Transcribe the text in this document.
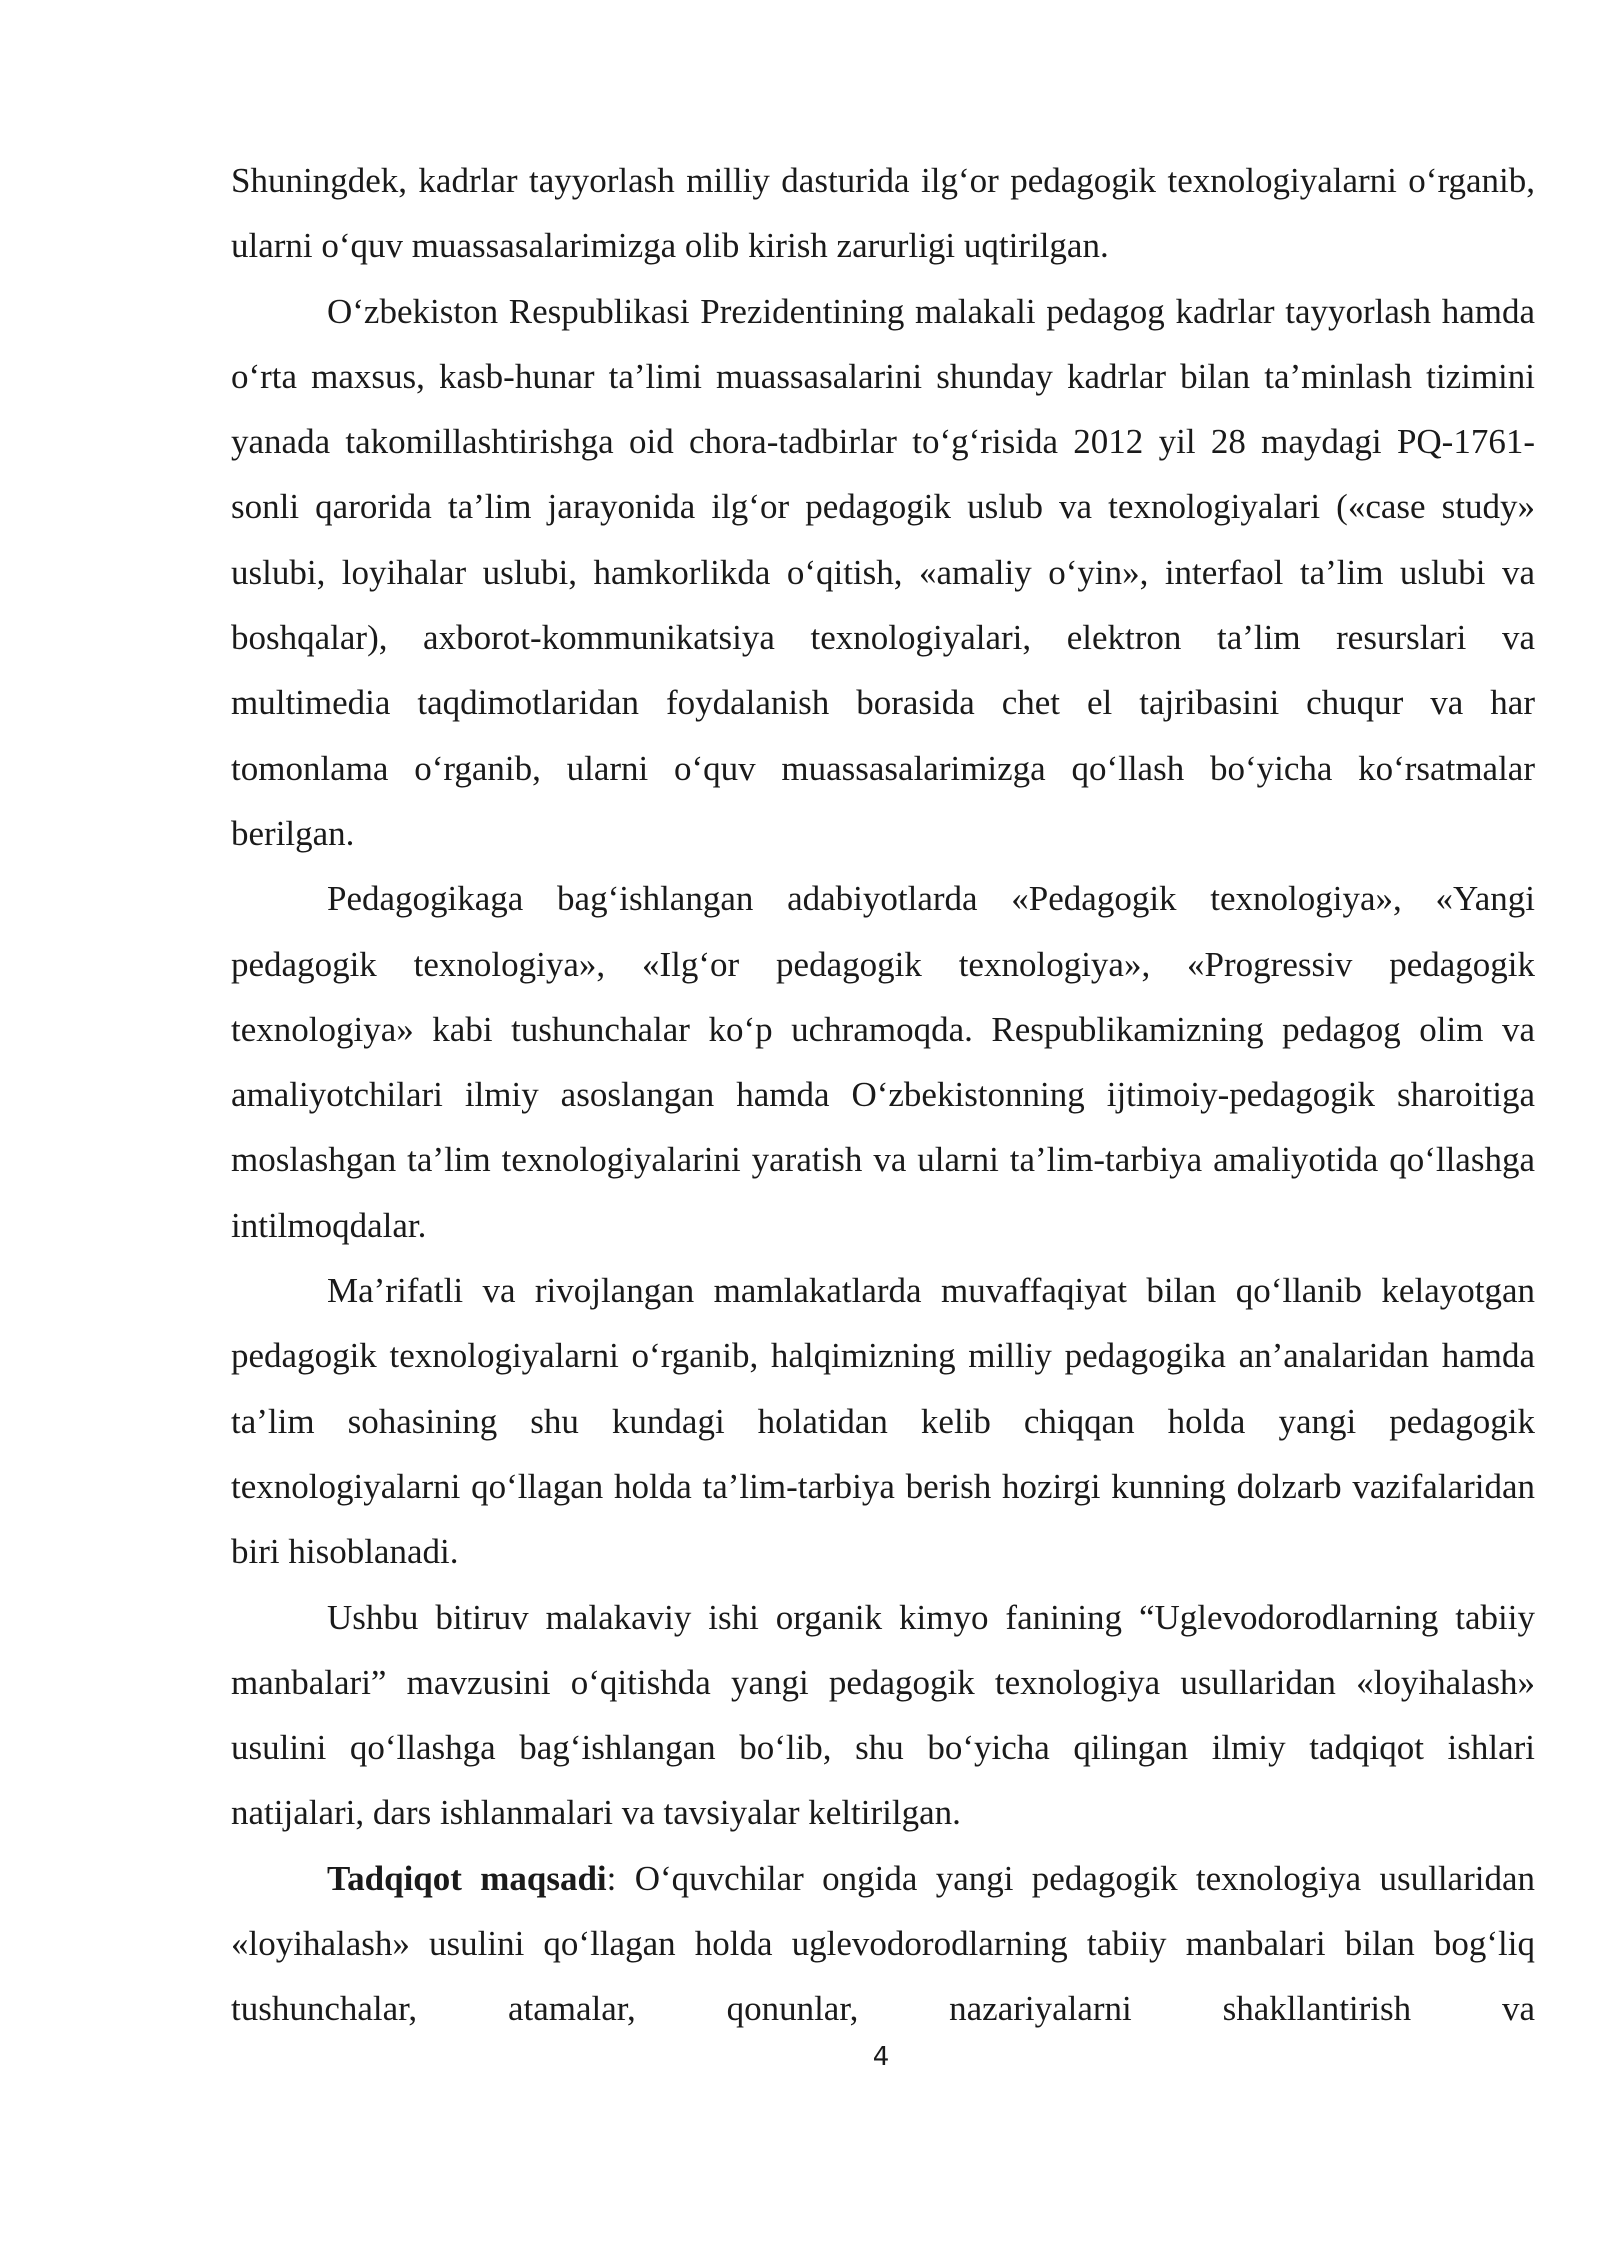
Shuningdek, kadrlar tayyorlash milliy dasturida ilg‘or pedagogik texnologiyalarni o‘rganib, ularni o‘quv muassasalarimizga olib kirish zarurligi uqtirilgan.

O‘zbekiston Respublikasi Prezidentining malakali pedagog kadrlar tayyorlash hamda o‘rta maxsus, kasb-hunar ta’limi muassasalarini shunday kadrlar bilan ta’minlash tizimini yanada takomillashtirishga oid chora-tadbirlar to‘g‘risida 2012 yil 28 maydagi PQ-1761-sonli qarorida ta’lim jarayonida ilg‘or pedagogik uslub va texnologiyalari («case study» uslubi, loyihalar uslubi, hamkorlikda o‘qitish, «amaliy o‘yin», interfaol ta’lim uslubi va boshqalar), axborot-kommunikatsiya texnologiyalari, elektron ta’lim resurslari va multimedia taqdimotlaridan foydalanish borasida chet el tajribasini chuqur va har tomonlama o‘rganib, ularni o‘quv muassasalarimizga qo‘llash bo‘yicha ko‘rsatmalar berilgan.

Pedagogikaga bag‘ishlangan adabiyotlarda «Pedagogik texnologiya», «Yangi pedagogik texnologiya», «Ilg‘or pedagogik texnologiya», «Progressiv pedagogik texnologiya» kabi tushunchalar ko‘p uchramoqda. Respublikamizning pedagog olim va amaliyotchilari ilmiy asoslangan hamda O‘zbekistonning ijtimoiy-pedagogik sharoitiga moslashgan ta’lim texnologiyalarini yaratish va ularni ta’lim-tarbiya amaliyotida qo‘llashga intilmoqdalar.

Ma’rifatli va rivojlangan mamlakatlarda muvaffaqiyat bilan qo‘llanib kelayotgan pedagogik texnologiyalarni o‘rganib, halqimizning milliy pedagogika an’analaridan hamda ta’lim sohasining shu kundagi holatidan kelib chiqqan holda yangi pedagogik texnologiyalarni qo‘llagan holda ta’lim-tarbiya berish hozirgi kunning dolzarb vazifalaridan biri hisoblanadi.

Ushbu bitiruv malakaviy ishi organik kimyo fanining “Uglevodorodlarning tabiiy manbalari” mavzusini o‘qitishda yangi pedagogik texnologiya usullaridan «loyihalash» usulini qo‘llashga bag‘ishlangan bo‘lib, shu bo‘yicha qilingan ilmiy tadqiqot ishlari natijalari, dars ishlanmalari va tavsiyalar keltirilgan.

Tadqiqot maqsadi: O‘quvchilar ongida yangi pedagogik texnologiya usullaridan «loyihalash» usulini qo‘llagan holda uglevodorodlarning tabiiy manbalari bilan bog‘liq tushunchalar, atamalar, qonunlar, nazariyalarni shakllantirish va

4
